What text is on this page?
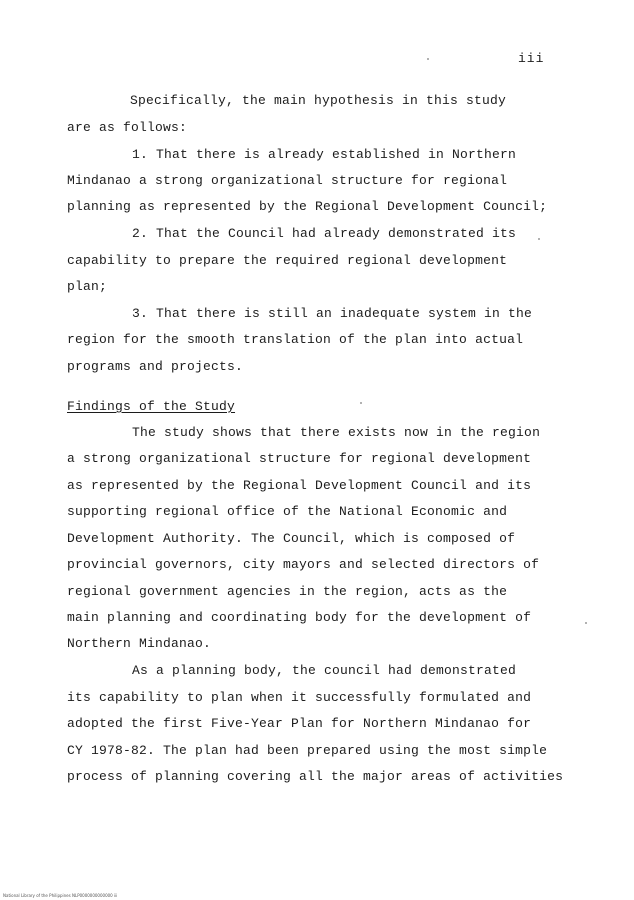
iii
Specifically, the main hypothesis in this study
are as follows:
1. That there is already established in Northern
Mindanao a strong organizational structure for regional
planning as represented by the Regional Development Council;
2. That the Council had already demonstrated its
capability to prepare the required regional development
plan;
3. That there is still an inadequate system in the
region for the smooth translation of the plan into actual
programs and projects.
Findings of the Study
The study shows that there exists now in the region
a strong organizational structure for regional development
as represented by the Regional Development Council and its
supporting regional office of the National Economic and
Development Authority. The Council, which is composed of
provincial governors, city mayors and selected directors of
regional government agencies in the region, acts as the
main planning and coordinating body for the development of
Northern Mindanao.
As a planning body, the council had demonstrated
its capability to plan when it successfully formulated and
adopted the first Five-Year Plan for Northern Mindanao for
CY 1978-82. The plan had been prepared using the most simple
process of planning covering all the major areas of activities
National Library of the Philippines NLP0000000000000 iii
